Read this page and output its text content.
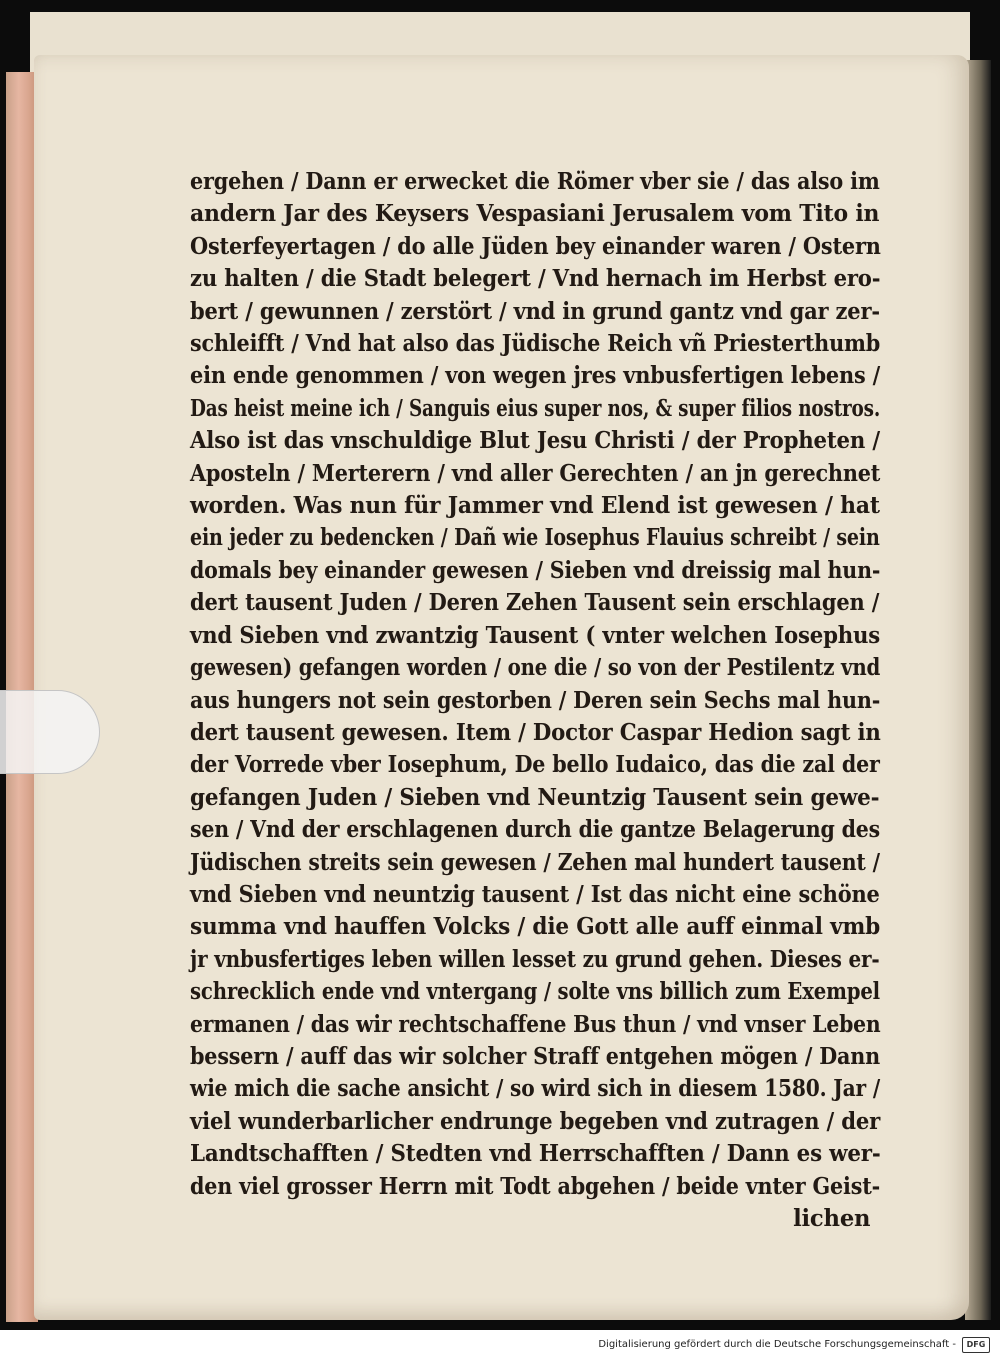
ergehen / Dann er erwecket die Römer vber sie / das also im
andern Jar des Keysers Vespasiani Jerusalem vom Tito in
Osterfeyertagen / do alle Jüden bey einander waren / Ostern
zu halten / die Stadt belegert / Vnd hernach im Herbst ero-
bert / gewunnen / zerstört / vnd in grund gantz vnd gar zer-
schleifft / Vnd hat also das Jüdische Reich vñ Priesterthumb
ein ende genommen / von wegen jres vnbusfertigen lebens /
Das heist meine ich / Sanguis eius super nos, & super filios nostros.
Also ist das vnschuldige Blut Jesu Christi / der Propheten /
Aposteln / Merterern / vnd aller Gerechten / an jn gerechnet
worden. Was nun für Jammer vnd Elend ist gewesen / hat
ein jeder zu bedencken / Dañ wie Iosephus Flauius schreibt / sein
domals bey einander gewesen / Sieben vnd dreissig mal hun-
dert tausent Juden / Deren Zehen Tausent sein erschlagen /
vnd Sieben vnd zwantzig Tausent ( vnter welchen Iosephus
gewesen) gefangen worden / one die / so von der Pestilentz vnd
aus hungers not sein gestorben / Deren sein Sechs mal hun-
dert tausent gewesen. Item / Doctor Caspar Hedion sagt in
der Vorrede vber Iosephum, De bello Iudaico, das die zal der
gefangen Juden / Sieben vnd Neuntzig Tausent sein gewe-
sen / Vnd der erschlagenen durch die gantze Belagerung des
Jüdischen streits sein gewesen / Zehen mal hundert tausent /
vnd Sieben vnd neuntzig tausent / Ist das nicht eine schöne
summa vnd hauffen Volcks / die Gott alle auff einmal vmb
jr vnbusfertiges leben willen lesset zu grund gehen. Dieses er-
schrecklich ende vnd vntergang / solte vns billich zum Exempel
ermanen / das wir rechtschaffene Bus thun / vnd vnser Leben
bessern / auff das wir solcher Straff entgehen mögen / Dann
wie mich die sache ansicht / so wird sich in diesem 1580. Jar /
viel wunderbarlicher endrunge begeben vnd zutragen / der
Landtschafften / Stedten vnd Herrschafften / Dann es wer-
den viel grosser Herrn mit Todt abgehen / beide vnter Geist-
lichen
Digitalisierung gefördert durch die Deutsche Forschungsgemeinschaft -	DFG
